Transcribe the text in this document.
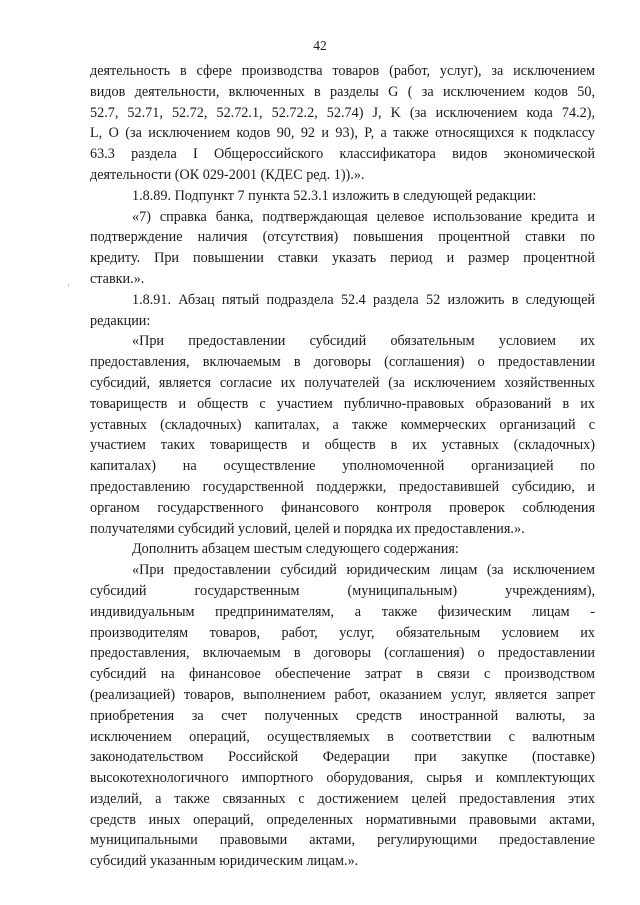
42
деятельность в сфере производства товаров (работ, услуг), за исключением
видов деятельности, включенных в разделы G ( за исключением кодов 50,
52.7, 52.71, 52.72, 52.72.1, 52.72.2, 52.74) J, K (за исключением кода 74.2),
L, O (за исключением кодов 90, 92 и 93), P, а также относящихся к подклассу
63.3 раздела I Общероссийского классификатора видов экономической
деятельности (ОК 029-2001 (КДЕС ред. 1)).».
1.8.89. Подпункт 7 пункта 52.3.1 изложить в следующей редакции:
«7) справка банка, подтверждающая целевое использование кредита и
подтверждение наличия (отсутствия) повышения процентной ставки по
кредиту. При повышении ставки указать период и размер процентной
ставки.».
1.8.91. Абзац пятый подраздела 52.4 раздела 52 изложить в следующей
редакции:
«При предоставлении субсидий обязательным условием их
предоставления, включаемым в договоры (соглашения) о предоставлении
субсидий, является согласие их получателей (за исключением хозяйственных
товариществ и обществ с участием публично-правовых образований в их
уставных (складочных) капиталах, а также коммерческих организаций с
участием таких товариществ и обществ в их уставных (складочных)
капиталах) на осуществление уполномоченной организацией по
предоставлению государственной поддержки, предоставившей субсидию, и
органом государственного финансового контроля проверок соблюдения
получателями субсидий условий, целей и порядка их предоставления.».
Дополнить абзацем шестым следующего содержания:
«При предоставлении субсидий юридическим лицам (за исключением
субсидий государственным (муниципальным) учреждениям),
индивидуальным предпринимателям, а также физическим лицам -
производителям товаров, работ, услуг, обязательным условием их
предоставления, включаемым в договоры (соглашения) о предоставлении
субсидий на финансовое обеспечение затрат в связи с производством
(реализацией) товаров, выполнением работ, оказанием услуг, является запрет
приобретения за счет полученных средств иностранной валюты, за
исключением операций, осуществляемых в соответствии с валютным
законодательством Российской Федерации при закупке (поставке)
высокотехнологичного импортного оборудования, сырья и комплектующих
изделий, а также связанных с достижением целей предоставления этих
средств иных операций, определенных нормативными правовыми актами,
муниципальными правовыми актами, регулирующими предоставление
субсидий указанным юридическим лицам.».
